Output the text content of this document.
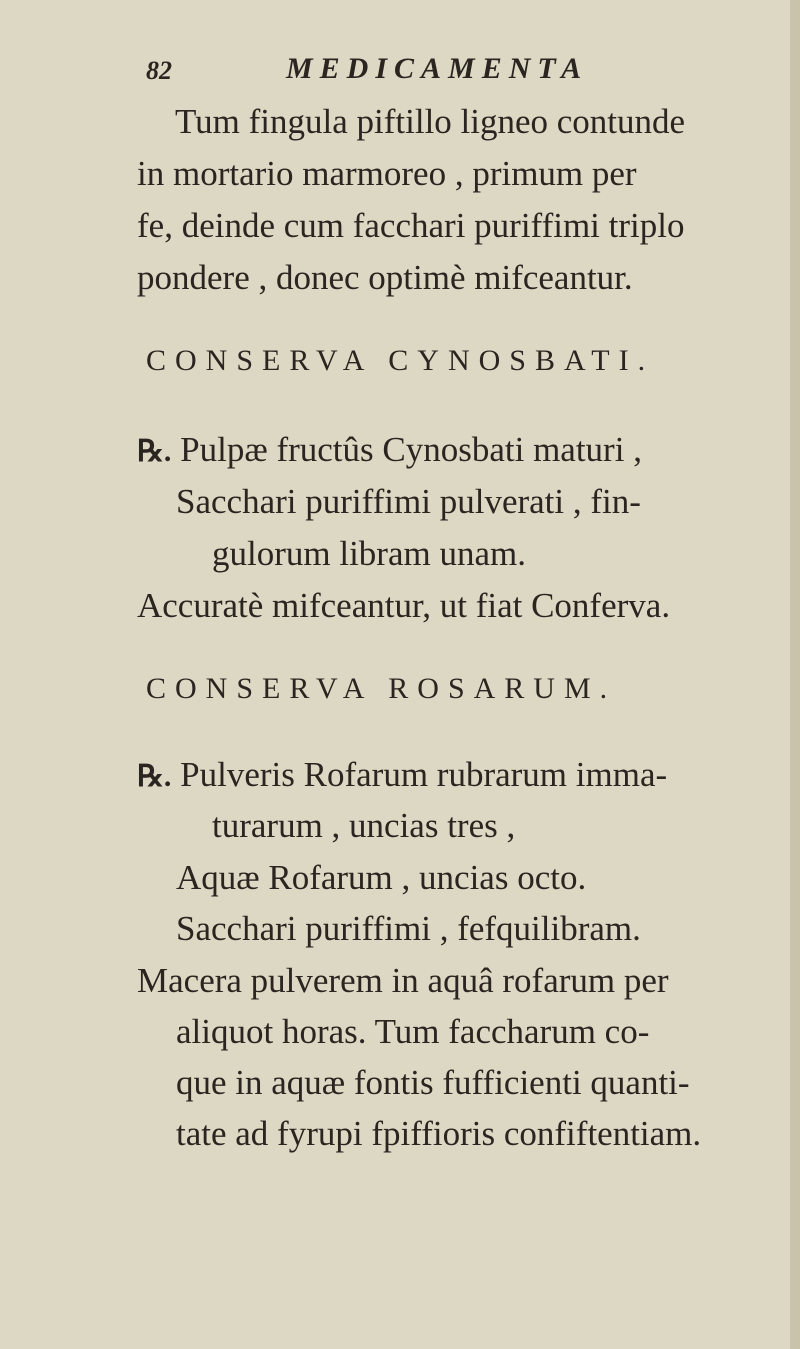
82	MEDICAMENTA
Tum fingula piftillo ligneo contunde
in mortario marmoreo , primum per
fe, deinde cum facchari puriffimi triplo
pondere , donec optimè mifceantur.
CONSERVA CYNOSBATI.
℞. Pulpæ fructûs Cynosbati maturi ,
Sacchari puriffimi pulverati , fin-
gulorum libram unam.
Accuratè mifceantur, ut fiat Conferva.
CONSERVA ROSARUM.
℞. Pulveris Rofarum rubrarum imma-
turarum , uncias tres ,
Aquæ Rofarum , uncias octo.
Sacchari puriffimi , fefquilibram.
Macera pulverem in aquâ rofarum per
aliquot horas. Tum faccharum co-
que in aquæ fontis fufficienti quanti-
tate ad fyrupi fpiffioris confiftentiam.
